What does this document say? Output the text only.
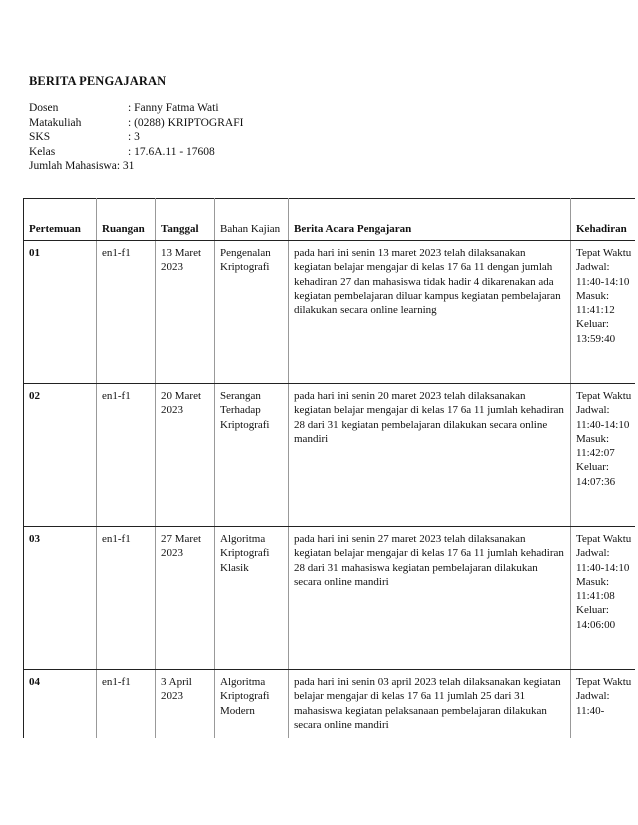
BERITA PENGAJARAN
Dosen	: Fanny Fatma Wati
Matakuliah	: (0288) KRIPTOGRAFI
SKS	: 3
Kelas	: 17.6A.11 - 17608
Jumlah Mahasiswa : 31
Pertemuan	Ruangan	Tanggal	Bahan Kajian	Berita Acara Pengajaran	Kehadiran
01	en1-f1	13 Maret 2023	Pengenalan Kriptografi	pada hari ini senin 13 maret 2023 telah dilaksanakan kegiatan belajar mengajar di kelas 17 6a 11 dengan jumlah kehadiran 27 dan mahasiswa tidak hadir 4 dikarenakan ada kegiatan pembelajaran diluar kampus kegiatan pembelajaran dilakukan secara online learning	Tepat Waktu Jadwal: 11:40-14:10 Masuk: 11:41:12 Keluar: 13:59:40
02	en1-f1	20 Maret 2023	Serangan Terhadap Kriptografi	pada hari ini senin 20 maret 2023 telah dilaksanakan kegiatan belajar mengajar di kelas 17 6a 11 jumlah kehadiran 28 dari 31 kegiatan pembelajaran dilakukan secara online mandiri	Tepat Waktu Jadwal: 11:40-14:10 Masuk: 11:42:07 Keluar: 14:07:36
03	en1-f1	27 Maret 2023	Algoritma Kriptografi Klasik	pada hari ini senin 27 maret 2023 telah dilaksanakan kegiatan belajar mengajar di kelas 17 6a 11 jumlah kehadiran 28 dari 31 mahasiswa kegiatan pembelajaran dilakukan secara online mandiri	Tepat Waktu Jadwal: 11:40-14:10 Masuk: 11:41:08 Keluar: 14:06:00
04	en1-f1	3 April 2023	Algoritma Kriptografi Modern	pada hari ini senin 03 april 2023 telah dilaksanakan kegiatan belajar mengajar di kelas 17 6a 11 jumlah 25 dari 31 mahasiswa kegiatan pelaksanaan pembelajaran dilakukan secara online mandiri	Tepat Waktu Jadwal: 11:40-
